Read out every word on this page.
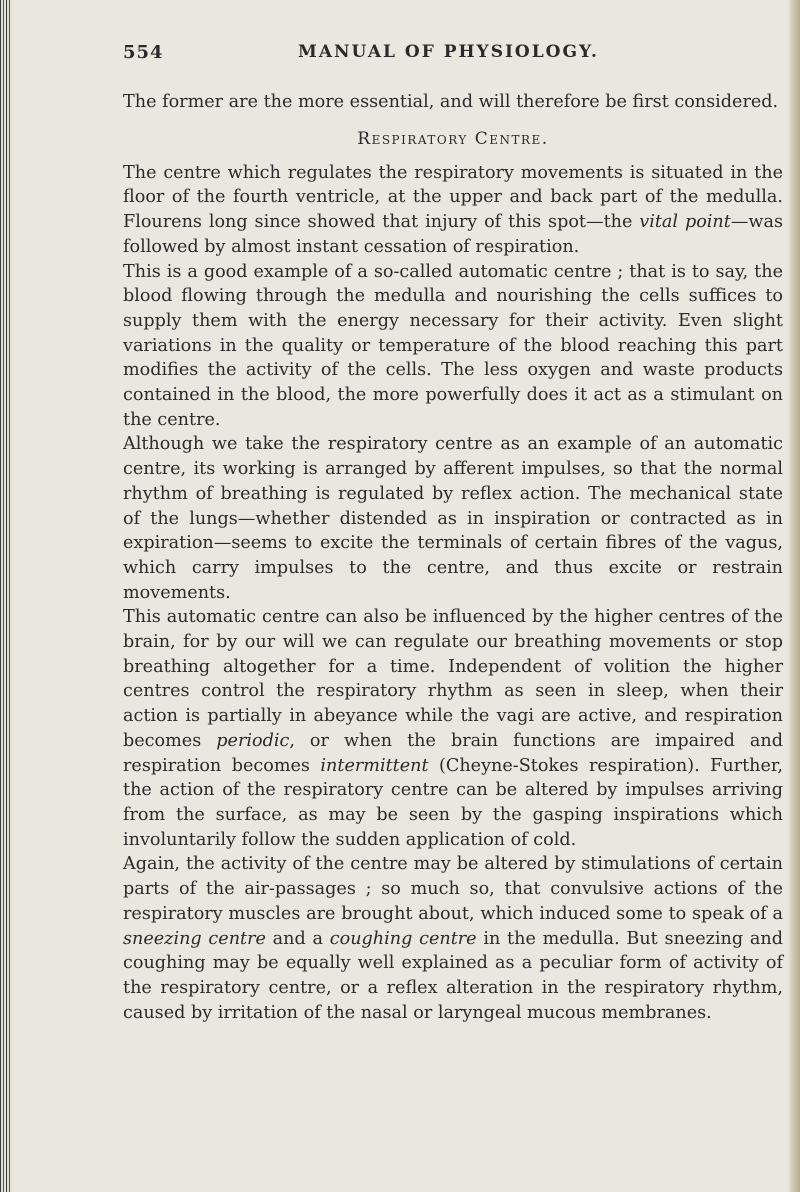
554	MANUAL OF PHYSIOLOGY.

The former are the more essential, and will therefore be first considered.

Respiratory Centre.

The centre which regulates the respiratory movements is situated in the floor of the fourth ventricle, at the upper and back part of the medulla. Flourens long since showed that injury of this spot—the vital point—was followed by almost instant cessation of respiration.

This is a good example of a so-called automatic centre ; that is to say, the blood flowing through the medulla and nourishing the cells suffices to supply them with the energy necessary for their activity. Even slight variations in the quality or temperature of the blood reaching this part modifies the activity of the cells. The less oxygen and waste products contained in the blood, the more powerfully does it act as a stimulant on the centre.

Although we take the respiratory centre as an example of an automatic centre, its working is arranged by afferent impulses, so that the normal rhythm of breathing is regulated by reflex action. The mechanical state of the lungs—whether distended as in inspiration or contracted as in expiration—seems to excite the terminals of certain fibres of the vagus, which carry impulses to the centre, and thus excite or restrain movements.

This automatic centre can also be influenced by the higher centres of the brain, for by our will we can regulate our breathing movements or stop breathing altogether for a time. Independent of volition the higher centres control the respiratory rhythm as seen in sleep, when their action is partially in abeyance while the vagi are active, and respiration becomes periodic, or when the brain functions are impaired and respiration becomes intermittent (Cheyne-Stokes respiration). Further, the action of the respiratory centre can be altered by impulses arriving from the surface, as may be seen by the gasping inspirations which involuntarily follow the sudden application of cold.

Again, the activity of the centre may be altered by stimulations of certain parts of the air-passages ; so much so, that convulsive actions of the respiratory muscles are brought about, which induced some to speak of a sneezing centre and a coughing centre in the medulla. But sneezing and coughing may be equally well explained as a peculiar form of activity of the respiratory centre, or a reflex alteration in the respiratory rhythm, caused by irritation of the nasal or laryngeal mucous membranes.
